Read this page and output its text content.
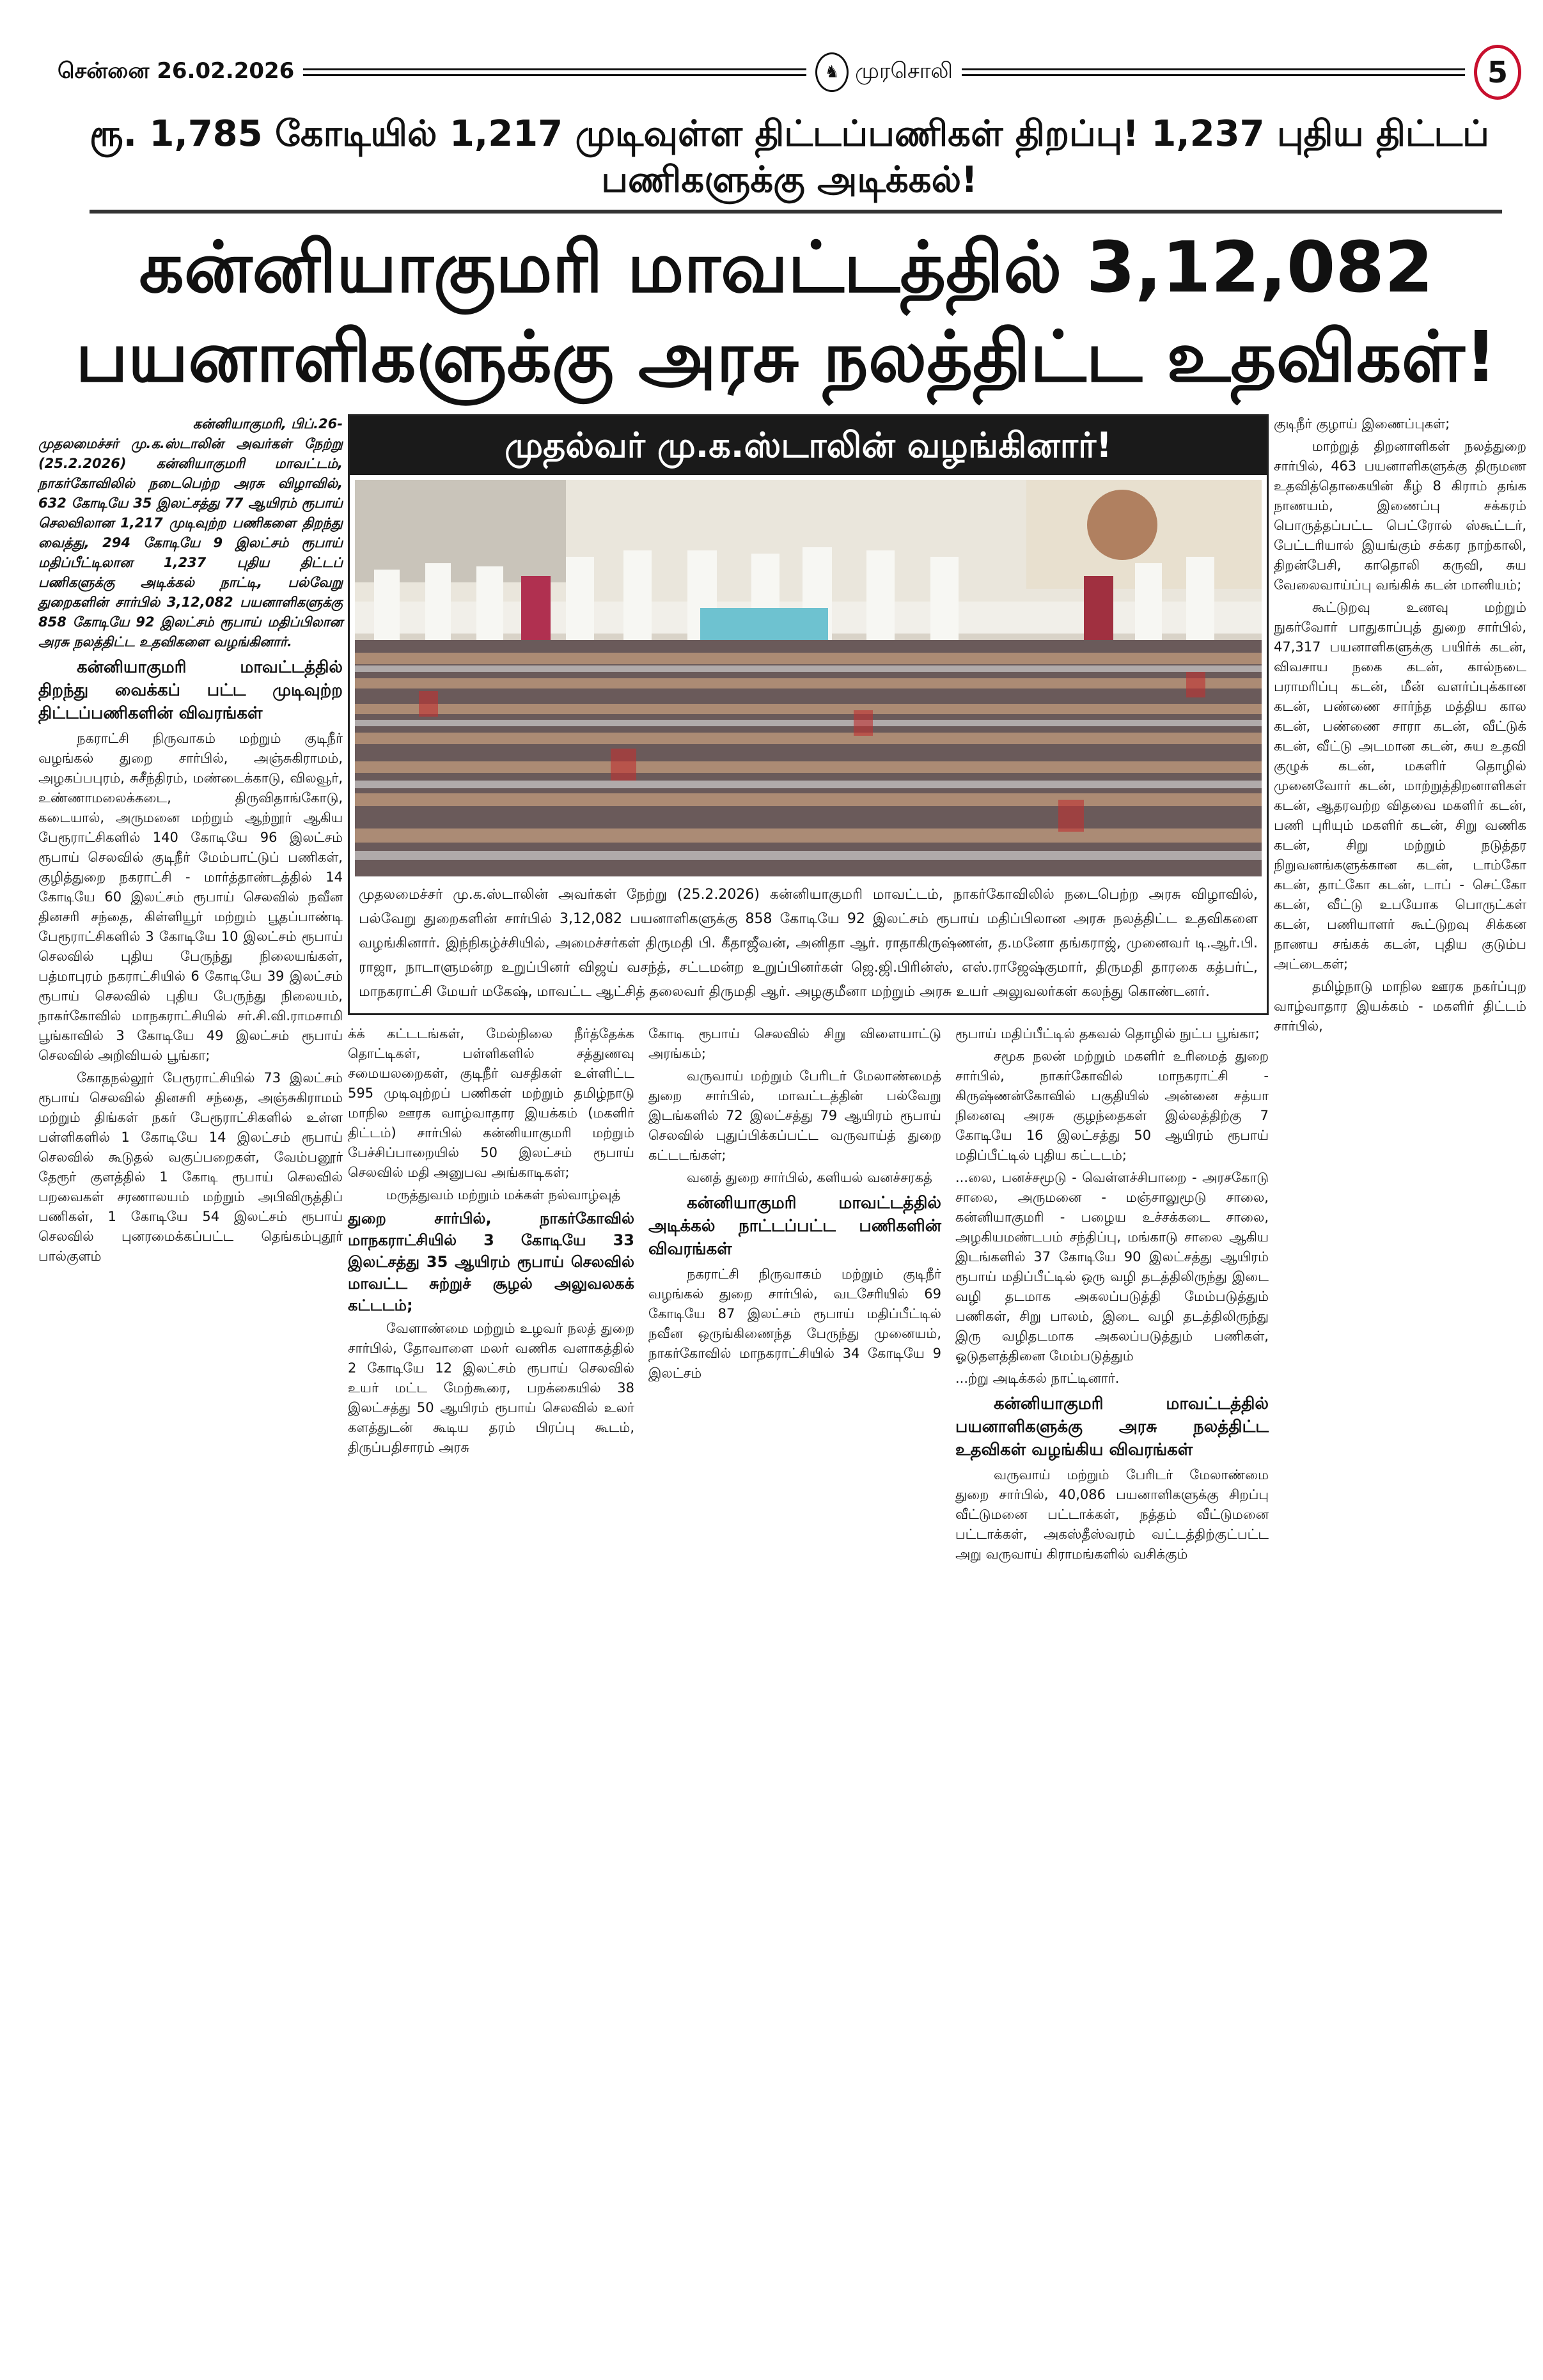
சென்னை 26.02.2026	♞ முரசொலி	5
ரூ. 1,785 கோடியில் 1,217 முடிவுள்ள திட்டப்பணிகள் திறப்பு! 1,237 புதிய திட்டப் பணிகளுக்கு அடிக்கல்!
கன்னியாகுமரி மாவட்டத்தில் 3,12,082 பயனாளிகளுக்கு அரசு நலத்திட்ட உதவிகள்!

கன்னியாகுமரி, பிப்.26-

முதலமைச்சர் மு.க.ஸ்டாலின் அவர்கள் நேற்று (25.2.2026) கன்னியாகுமரி மாவட்டம், நாகர்கோவிலில் நடைபெற்ற அரசு விழாவில், 632 கோடியே 35 இலட்சத்து 77 ஆயிரம் ரூபாய் செலவிலான 1,217 முடிவுற்ற பணிகளை திறந்து வைத்து, 294 கோடியே 9 இலட்சம் ரூபாய் மதிப்பீட்டிலான 1,237 புதிய திட்டப் பணிகளுக்கு அடிக்கல் நாட்டி, பல்வேறு துறைகளின் சார்பில் 3,12,082 பயனாளிகளுக்கு 858 கோடியே 92 இலட்சம் ரூபாய் மதிப்பிலான அரசு நலத்திட்ட உதவிகளை வழங்கினார்.

கன்னியாகுமரி மாவட்டத்தில் திறந்து வைக்கப் பட்ட முடிவுற்ற திட்டப்பணிகளின் விவரங்கள்

நகராட்சி நிருவாகம் மற்றும் குடிநீர் வழங்கல் துறை சார்பில், அஞ்சுகிராமம், அழகப்பபுரம், சுசீந்திரம், மண்டைக்காடு, விலவூர், உண்ணாமலைக்கடை, திருவிதாங்கோடு, கடையால், அருமனை மற்றும் ஆற்றூர் ஆகிய பேரூராட்சிகளில் 140 கோடியே 96 இலட்சம் ரூபாய் செலவில் குடிநீர் மேம்பாட்டுப் பணிகள், குழித்துறை நகராட்சி - மார்த்தாண்டத்தில் 14 கோடியே 60 இலட்சம் ரூபாய் செலவில் நவீன தினசரி சந்தை, கிள்ளியூர் மற்றும் பூதப்பாண்டி பேரூராட்சிகளில் 3 கோடியே 10 இலட்சம் ரூபாய் செலவில் புதிய பேருந்து நிலையங்கள், பத்மாபுரம் நகராட்சியில் 6 கோடியே 39 இலட்சம் ரூபாய் செலவில் புதிய பேருந்து நிலையம், நாகர்கோவில் மாநகராட்சியில் சர்.சி.வி.ராமசாமி பூங்காவில் 3 கோடியே 49 இலட்சம் ரூபாய் செலவில் அறிவியல் பூங்கா;

கோதநல்லூர் பேரூராட்சியில் 73 இலட்சம் ரூபாய் செலவில் தினசரி சந்தை, அஞ்சுகிராமம் மற்றும் திங்கள் நகர் பேரூராட்சிகளில் உள்ள பள்ளிகளில் 1 கோடியே 14 இலட்சம் ரூபாய் செலவில் கூடுதல் வகுப்பறைகள், வேம்பனூர் தேரூர் குளத்தில் 1 கோடி ரூபாய் செலவில் பறவைகள் சரணாலயம் மற்றும் அபிவிருத்திப் பணிகள், 1 கோடியே 54 இலட்சம் ரூபாய் செலவில் புனரமைக்கப்பட்ட தெங்கம்புதூர் பால்குளம்

முதல்வர் மு.க.ஸ்டாலின் வழங்கினார்!
முதலமைச்சர் மு.க.ஸ்டாலின் அவர்கள் நேற்று (25.2.2026) கன்னியாகுமரி மாவட்டம், நாகர்கோவிலில் நடைபெற்ற அரசு விழாவில், பல்வேறு துறைகளின் சார்பில் 3,12,082 பயனாளிகளுக்கு 858 கோடியே 92 இலட்சம் ரூபாய் மதிப்பிலான அரசு நலத்திட்ட உதவிகளை வழங்கினார். இந்நிகழ்ச்சியில், அமைச்சர்கள் திருமதி பி. கீதாஜீவன், அனிதா ஆர். ராதாகிருஷ்ணன், த.மனோ தங்கராஜ், முனைவர் டி.ஆர்.பி. ராஜா, நாடாளுமன்ற உறுப்பினர் விஜய் வசந்த், சட்டமன்ற உறுப்பினர்கள் ஜெ.ஜி.பிரின்ஸ், எஸ்.ராஜேஷ்குமார், திருமதி தாரகை கத்பர்ட், மாநகராட்சி மேயர் மகேஷ், மாவட்ட ஆட்சித் தலைவர் திருமதி ஆர். அழகுமீனா மற்றும் அரசு உயர் அலுவலர்கள் கலந்து கொண்டனர்.

க்க் கட்டடங்கள், மேல்நிலை நீர்த்தேக்க தொட்டிகள், பள்ளிகளில் சத்துணவு சமையலறைகள், குடிநீர் வசதிகள் உள்ளிட்ட 595 முடிவுற்றப் பணிகள் மற்றும் தமிழ்நாடு மாநில ஊரக வாழ்வாதார இயக்கம் (மகளிர் திட்டம்) சார்பில் கன்னியாகுமரி மற்றும் பேச்சிப்பாறையில் 50 இலட்சம் ரூபாய் செலவில் மதி அனுபவ அங்காடிகள்;

மருத்துவம் மற்றும் மக்கள் நல்வாழ்வுத்

துறை சார்பில், நாகர்கோவில் மாநகராட்சியில் 3 கோடியே 33 இலட்சத்து 35 ஆயிரம் ரூபாய் செலவில் மாவட்ட சுற்றுச் சூழல் அலுவலகக் கட்டடம்;

வேளாண்மை மற்றும் உழவர் நலத் துறை சார்பில், தோவாளை மலர் வணிக வளாகத்தில் 2 கோடியே 12 இலட்சம் ரூபாய் செலவில் உயர் மட்ட மேற்கூரை, பறக்கையில் 38 இலட்சத்து 50 ஆயிரம் ரூபாய் செலவில் உலர் களத்துடன் கூடிய தரம் பிரப்பு கூடம், திருப்பதிசாரம் அரசு

கோடி ரூபாய் செலவில் சிறு விளையாட்டு அரங்கம்;

வருவாய் மற்றும் பேரிடர் மேலாண்மைத் துறை சார்பில், மாவட்டத்தின் பல்வேறு இடங்களில் 72 இலட்சத்து 79 ஆயிரம் ரூபாய் செலவில் புதுப்பிக்கப்பட்ட வருவாய்த் துறை கட்டடங்கள்;

வனத் துறை சார்பில், களியல் வனச்சரகத்

கன்னியாகுமரி மாவட்டத்தில் அடிக்கல் நாட்டப்பட்ட பணிகளின் விவரங்கள்

நகராட்சி நிருவாகம் மற்றும் குடிநீர் வழங்கல் துறை சார்பில், வடசேரியில் 69 கோடியே 87 இலட்சம் ரூபாய் மதிப்பீட்டில் நவீன ஒருங்கிணைந்த பேருந்து முனையம், நாகர்கோவில் மாநகராட்சியில் 34 கோடியே 9 இலட்சம்

ரூபாய் மதிப்பீட்டில் தகவல் தொழில் நுட்ப பூங்கா;

சமூக நலன் மற்றும் மகளிர் உரிமைத் துறை சார்பில், நாகர்கோவில் மாநகராட்சி - கிருஷ்ணன்கோவில் பகுதியில் அன்னை சத்யா நினைவு அரசு குழந்தைகள் இல்லத்திற்கு 7 கோடியே 16 இலட்சத்து 50 ஆயிரம் ரூபாய் மதிப்பீட்டில் புதிய கட்டடம்;

...லை, பனச்சமூடு - வெள்ளச்சிபாறை - அரசகோடு சாலை, அருமனை - மஞ்சாலுமூடு சாலை, கன்னியாகுமரி - பழைய உச்சக்கடை சாலை, அழகியமண்டபம் சந்திப்பு, மங்காடு சாலை ஆகிய இடங்களில் 37 கோடியே 90 இலட்சத்து ஆயிரம் ரூபாய் மதிப்பீட்டில் ஒரு வழி தடத்திலிருந்து இடை வழி தடமாக அகலப்படுத்தி மேம்படுத்தும் பணிகள், சிறு பாலம், இடை வழி தடத்திலிருந்து இரு வழிதடமாக அகலப்படுத்தும் பணிகள், ஓடுதளத்தினை மேம்படுத்தும்

...ற்று அடிக்கல் நாட்டினார்.

கன்னியாகுமரி மாவட்டத்தில் பயனாளிகளுக்கு அரசு நலத்திட்ட உதவிகள் வழங்கிய விவரங்கள்

வருவாய் மற்றும் பேரிடர் மேலாண்மை துறை சார்பில், 40,086 பயனாளிகளுக்கு சிறப்பு வீட்டுமனை பட்டாக்கள், நத்தம் வீட்டுமனை பட்டாக்கள், அகஸ்தீஸ்வரம் வட்டத்திற்குட்பட்ட அறு வருவாய் கிராமங்களில் வசிக்கும்

குடிநீர் குழாய் இணைப்புகள்;

மாற்றுத் திறனாளிகள் நலத்துறை சார்பில், 463 பயனாளிகளுக்கு திருமண உதவித்தொகையின் கீழ் 8 கிராம் தங்க நாணயம், இணைப்பு சக்கரம் பொருத்தப்பட்ட பெட்ரோல் ஸ்கூட்டர், பேட்டரியால் இயங்கும் சக்கர நாற்காலி, திறன்பேசி, காதொலி கருவி, சுய வேலைவாய்ப்பு வங்கிக் கடன் மானியம்;

கூட்டுறவு உணவு மற்றும் நுகர்வோர் பாதுகாப்புத் துறை சார்பில், 47,317 பயனாளிகளுக்கு பயிர்க் கடன், விவசாய நகை கடன், கால்நடை பராமரிப்பு கடன், மீன் வளர்ப்புக்கான கடன், பண்ணை சார்ந்த மத்திய கால கடன், பண்ணை சாரா கடன், வீட்டுக் கடன், வீட்டு அடமான கடன், சுய உதவி குழுக் கடன், மகளிர் தொழில் முனைவோர் கடன், மாற்றுத்திறனாளிகள் கடன், ஆதரவற்ற விதவை மகளிர் கடன், பணி புரியும் மகளிர் கடன், சிறு வணிக கடன், சிறு மற்றும் நடுத்தர நிறுவனங்களுக்கான கடன், டாம்கோ கடன், தாட்கோ கடன், டாப் - செட்கோ கடன், வீட்டு உபயோக பொருட்கள் கடன், பணியாளர் கூட்டுறவு சிக்கன நாணய சங்கக் கடன், புதிய குடும்ப அட்டைகள்;

தமிழ்நாடு மாநில ஊரக நகர்ப்புற வாழ்வாதார இயக்கம் - மகளிர் திட்டம் சார்பில்,
